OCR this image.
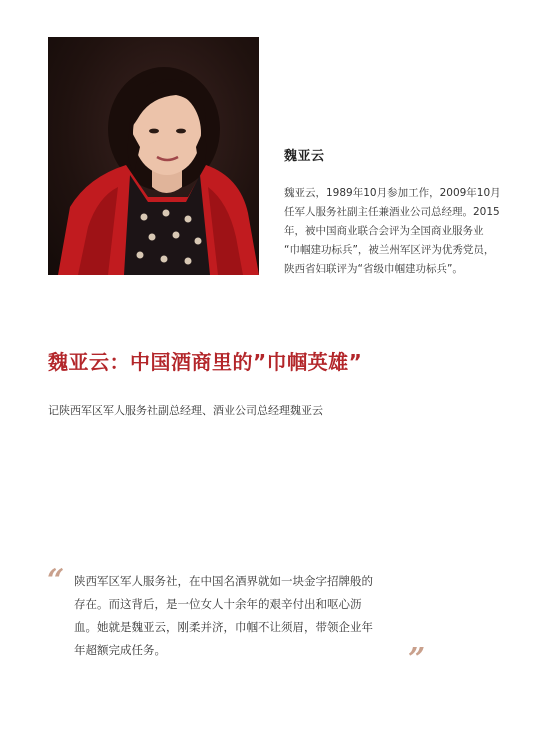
魏亚云
魏亚云，1989年10月参加工作，2009年10月
任军人服务社副主任兼酒业公司总经理。2015
年，被中国商业联合会评为全国商业服务业
“巾帼建功标兵”，被兰州军区评为优秀党员，
陕西省妇联评为“省级巾帼建功标兵”。
魏亚云：中国酒商里的”巾帼英雄”
记陕西军区军人服务社副总经理、酒业公司总经理魏亚云
“ 陕西军区军人服务社，在中国名酒界就如一块金字招牌般的
存在。而这背后，是一位女人十余年的艰辛付出和呕心沥
血。她就是魏亚云，刚柔并济，巾帼不让须眉，带领企业年
年超额完成任务。	”
